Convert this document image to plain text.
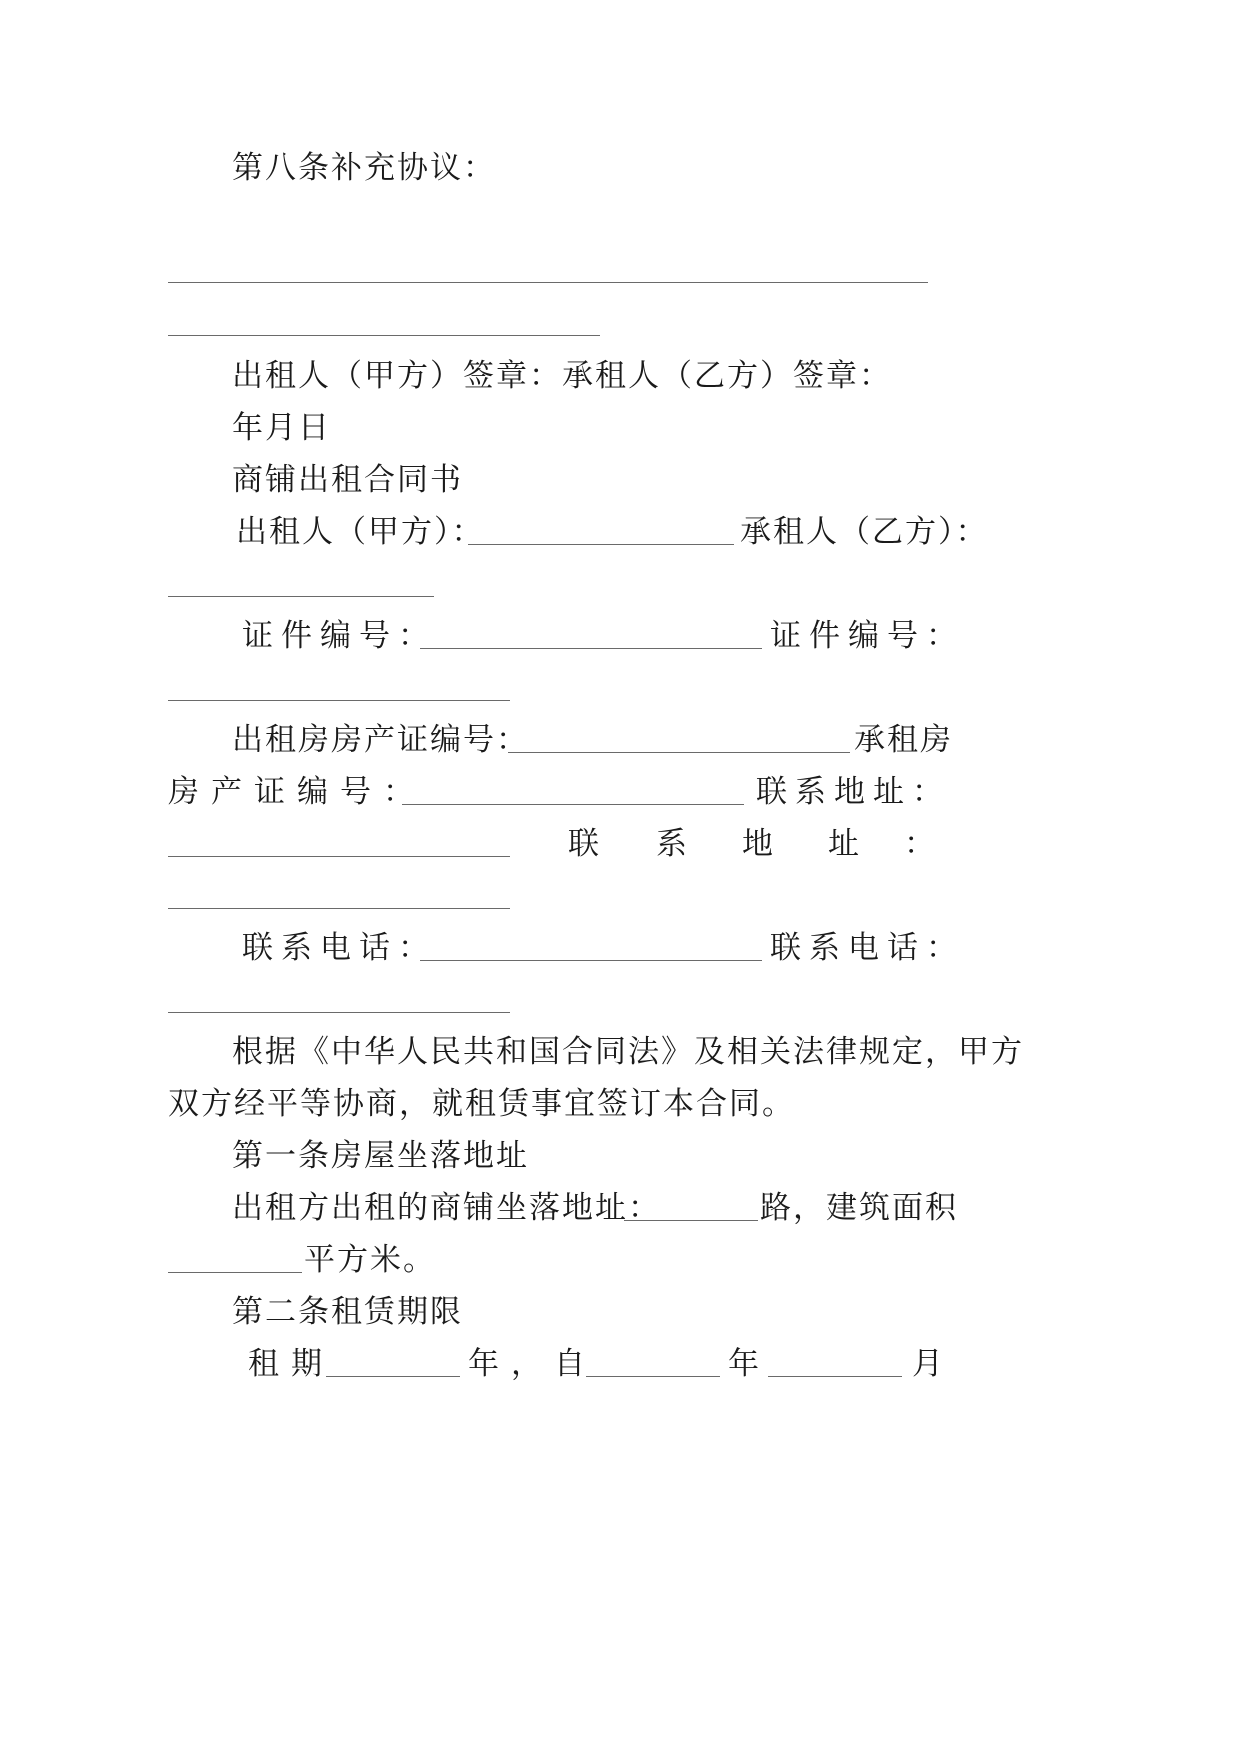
第八条补充协议：
出租人（甲方）签章：承租人（乙方）签章：
年月日
商铺出租合同书
出租人（甲方）：	承租人（乙方）：
证件编号：	证件编号：
出租房房产证编号：	承租房
房产证编号：	联系地址：
联 系 地 址 ：
联系电话：	联系电话：
根据《中华人民共和国合同法》及相关法律规定，甲方
双方经平等协商，就租赁事宜签订本合同。
第一条房屋坐落地址
出租方出租的商铺坐落地址：	路，建筑面积
平方米。
第二条租赁期限
租期	年，自	年	月
